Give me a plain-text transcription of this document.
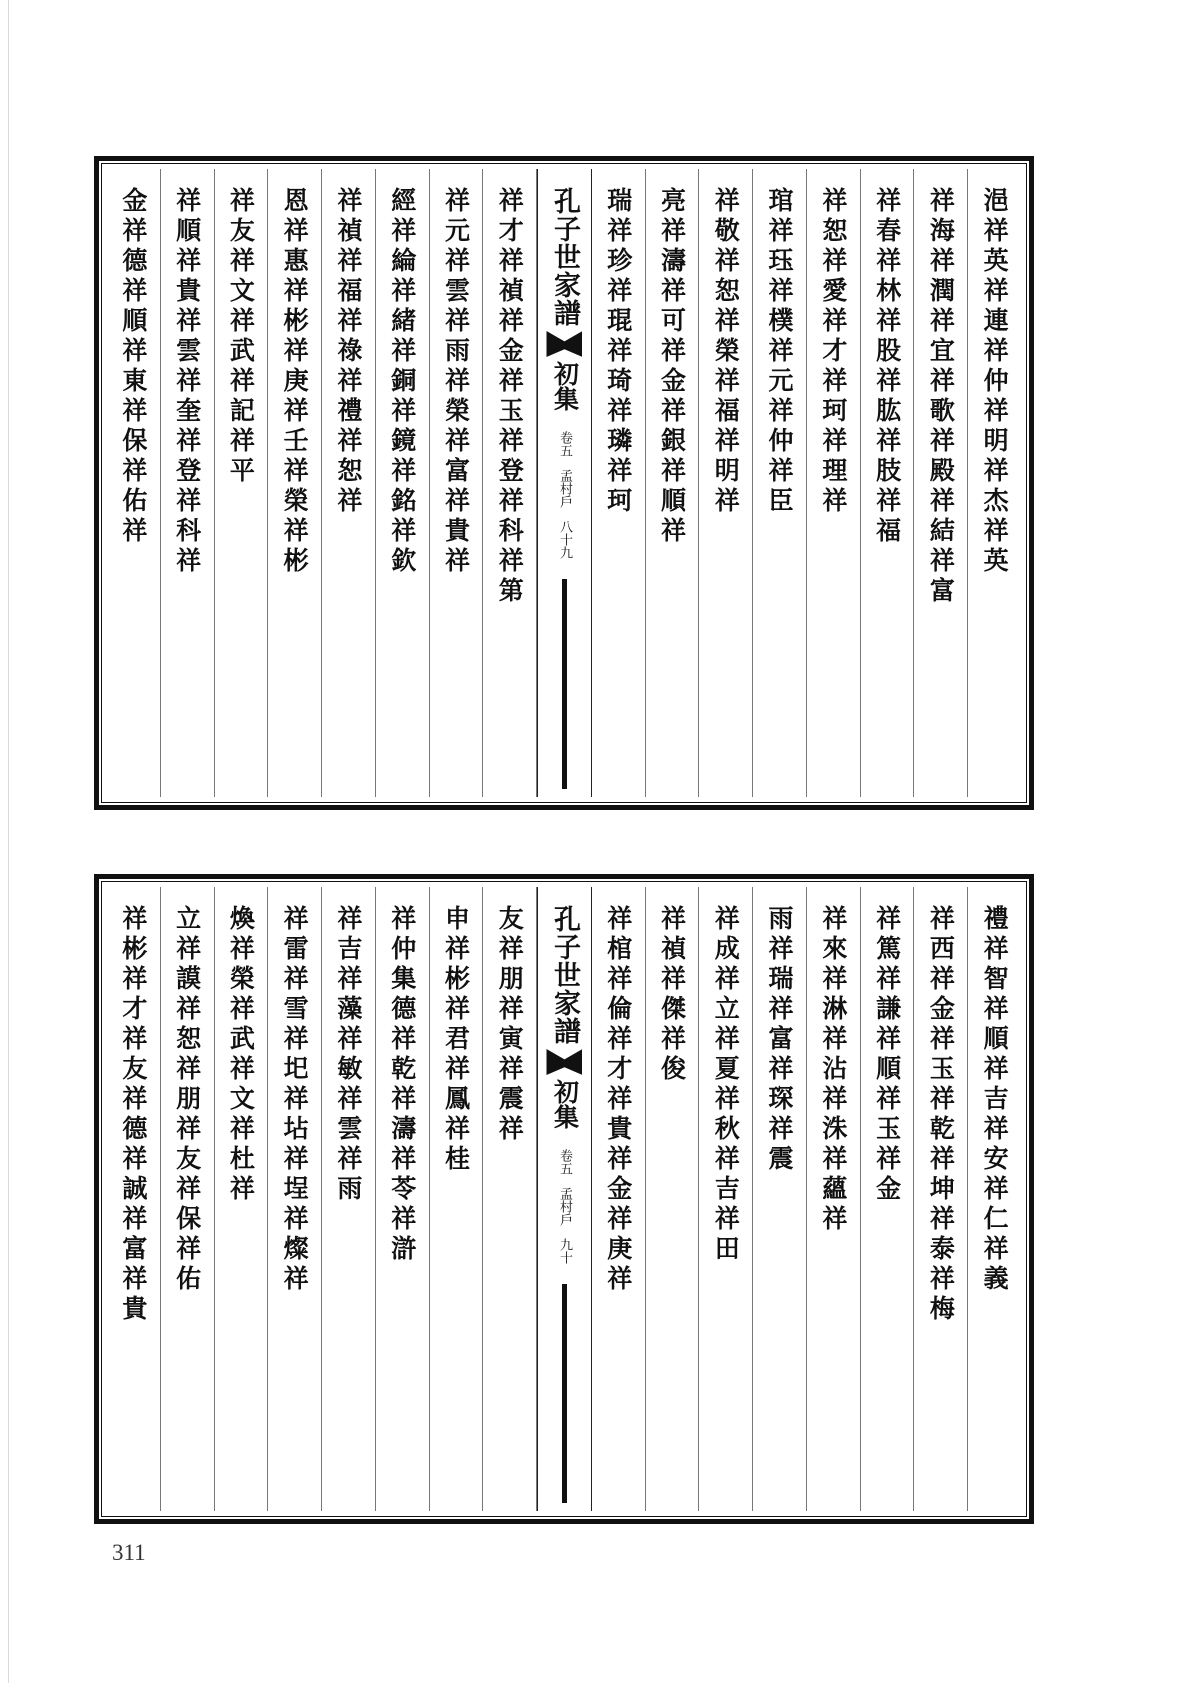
浥祥英祥連祥仲祥明祥杰祥英
祥海祥潤祥宜祥歌祥殿祥結祥富
祥春祥林祥股祥肱祥肢祥福
祥恕祥愛祥才祥珂祥理祥
琯祥珏祥樸祥元祥仲祥臣
祥敬祥恕祥榮祥福祥明祥
亮祥濤祥可祥金祥銀祥順祥
瑞祥珍祥琨祥琦祥璘祥珂
孔子世家譜
初集
卷五
孟村戶
八十九
祥才祥禎祥金祥玉祥登祥科祥第
祥元祥雲祥雨祥榮祥富祥貴祥
經祥綸祥緒祥銅祥鏡祥銘祥欽
祥禎祥福祥祿祥禮祥恕祥
恩祥惠祥彬祥庚祥壬祥榮祥彬
祥友祥文祥武祥記祥平
祥順祥貴祥雲祥奎祥登祥科祥
金祥德祥順祥東祥保祥佑祥
禮祥智祥順祥吉祥安祥仁祥義
祥西祥金祥玉祥乾祥坤祥泰祥梅
祥篤祥謙祥順祥玉祥金
祥來祥淋祥沾祥洙祥蘊祥
雨祥瑞祥富祥琛祥震
祥成祥立祥夏祥秋祥吉祥田
祥禎祥傑祥俊
祥棺祥倫祥才祥貴祥金祥庚祥
孔子世家譜
初集
卷五
孟村戶
九十
友祥朋祥寅祥震祥
申祥彬祥君祥鳳祥桂
祥仲集德祥乾祥濤祥苓祥滸
祥吉祥藻祥敏祥雲祥雨
祥雷祥雪祥圯祥坫祥埕祥燦祥
煥祥榮祥武祥文祥杜祥
立祥謨祥恕祥朋祥友祥保祥佑
祥彬祥才祥友祥德祥誠祥富祥貴
311
